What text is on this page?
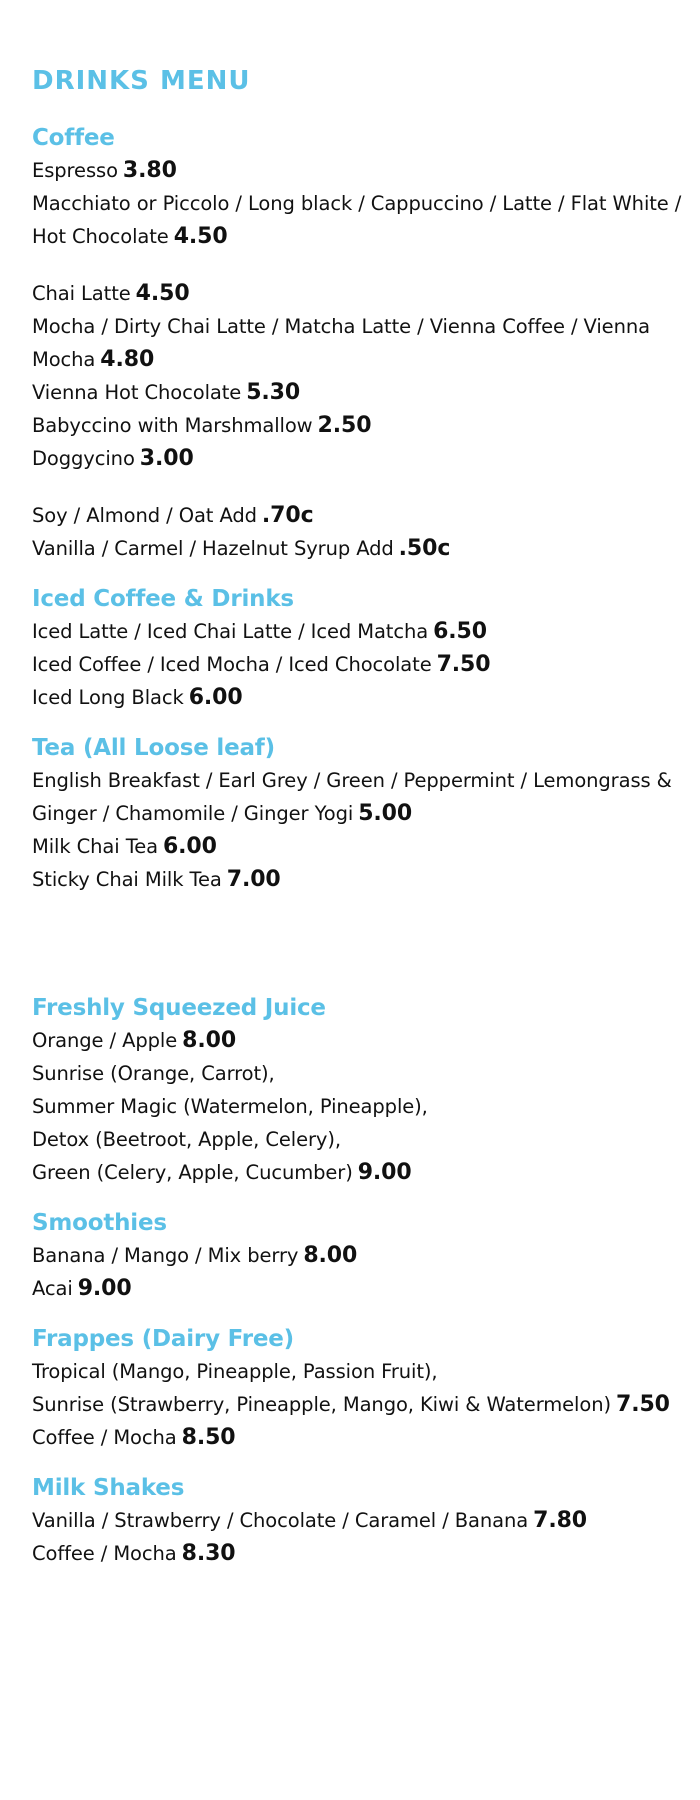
DRINKS MENU
Coffee
Espresso 3.80
Macchiato or Piccolo / Long black / Cappuccino / Latte / Flat White / Hot Chocolate 4.50
Chai Latte 4.50
Mocha / Dirty Chai Latte / Matcha Latte / Vienna Coffee / Vienna Mocha 4.80
Vienna Hot Chocolate 5.30
Babyccino with Marshmallow 2.50
Doggycino 3.00
Soy / Almond / Oat Add .70c
Vanilla / Carmel / Hazelnut Syrup Add .50c
Iced Coffee & Drinks
Iced Latte / Iced Chai Latte / Iced Matcha 6.50
Iced Coffee / Iced Mocha / Iced Chocolate 7.50
Iced Long Black 6.00
Tea (All Loose leaf)
English Breakfast / Earl Grey / Green / Peppermint / Lemongrass & Ginger / Chamomile / Ginger Yogi 5.00
Milk Chai Tea 6.00
Sticky Chai Milk Tea 7.00
Freshly Squeezed Juice
Orange / Apple 8.00
Sunrise (Orange, Carrot),
Summer Magic (Watermelon, Pineapple),
Detox (Beetroot, Apple, Celery),
Green (Celery, Apple, Cucumber) 9.00
Smoothies
Banana / Mango / Mix berry 8.00
Acai 9.00
Frappes (Dairy Free)
Tropical (Mango, Pineapple, Passion Fruit),
Sunrise (Strawberry, Pineapple, Mango, Kiwi & Watermelon) 7.50
Coffee / Mocha 8.50
Milk Shakes
Vanilla / Strawberry / Chocolate / Caramel / Banana 7.80
Coffee / Mocha 8.30
